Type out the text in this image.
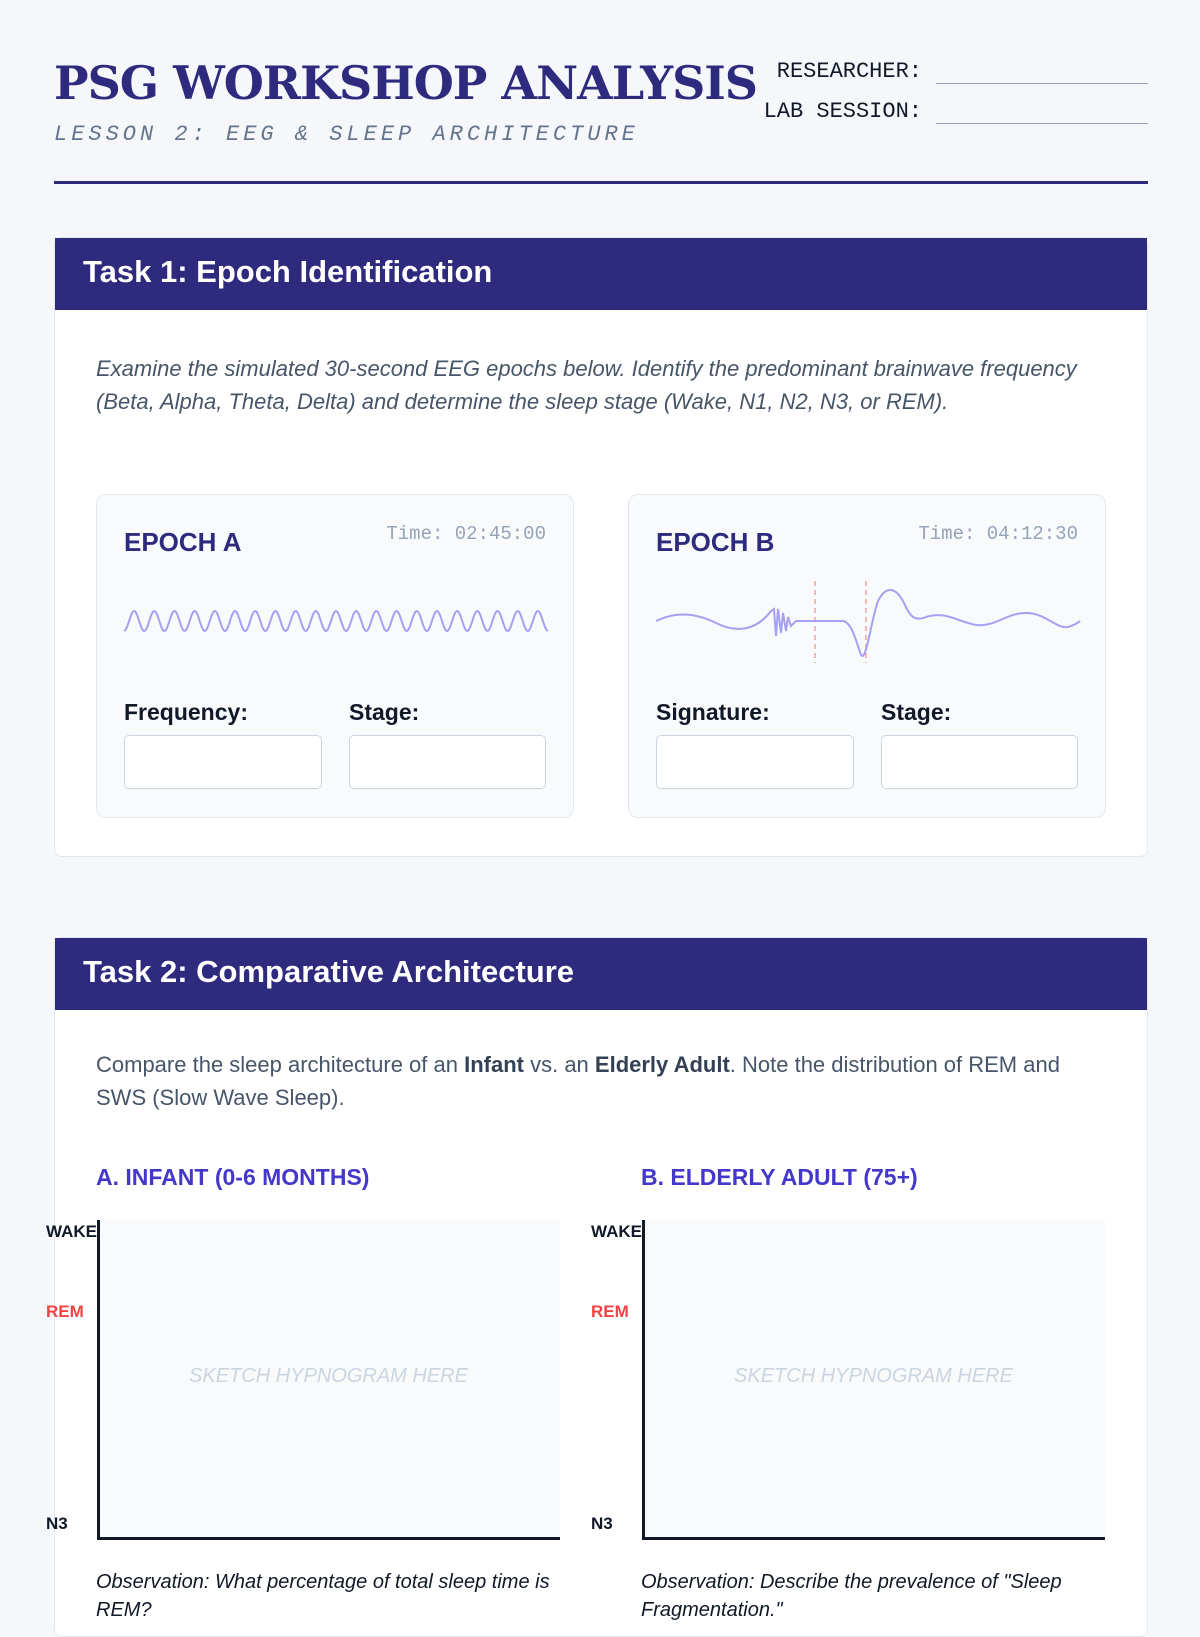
PSG WORKSHOP ANALYSIS
LESSON 2: EEG & SLEEP ARCHITECTURE
RESEARCHER:
LAB SESSION:
Task 1: Epoch Identification
Examine the simulated 30-second EEG epochs below. Identify the predominant brainwave frequency (Beta, Alpha, Theta, Delta) and determine the sleep stage (Wake, N1, N2, N3, or REM).
EPOCH A	Time: 02:45:00
Frequency:	Stage:
EPOCH B	Time: 04:12:30
Signature:	Stage:
Task 2: Comparative Architecture
Compare the sleep architecture of an Infant vs. an Elderly Adult. Note the distribution of REM and SWS (Slow Wave Sleep).
A. INFANT (0-6 MONTHS)
WAKE
REM
N3
SKETCH HYPNOGRAM HERE
Observation: What percentage of total sleep time is REM?
B. ELDERLY ADULT (75+)
WAKE
REM
N3
SKETCH HYPNOGRAM HERE
Observation: Describe the prevalence of "Sleep Fragmentation."
